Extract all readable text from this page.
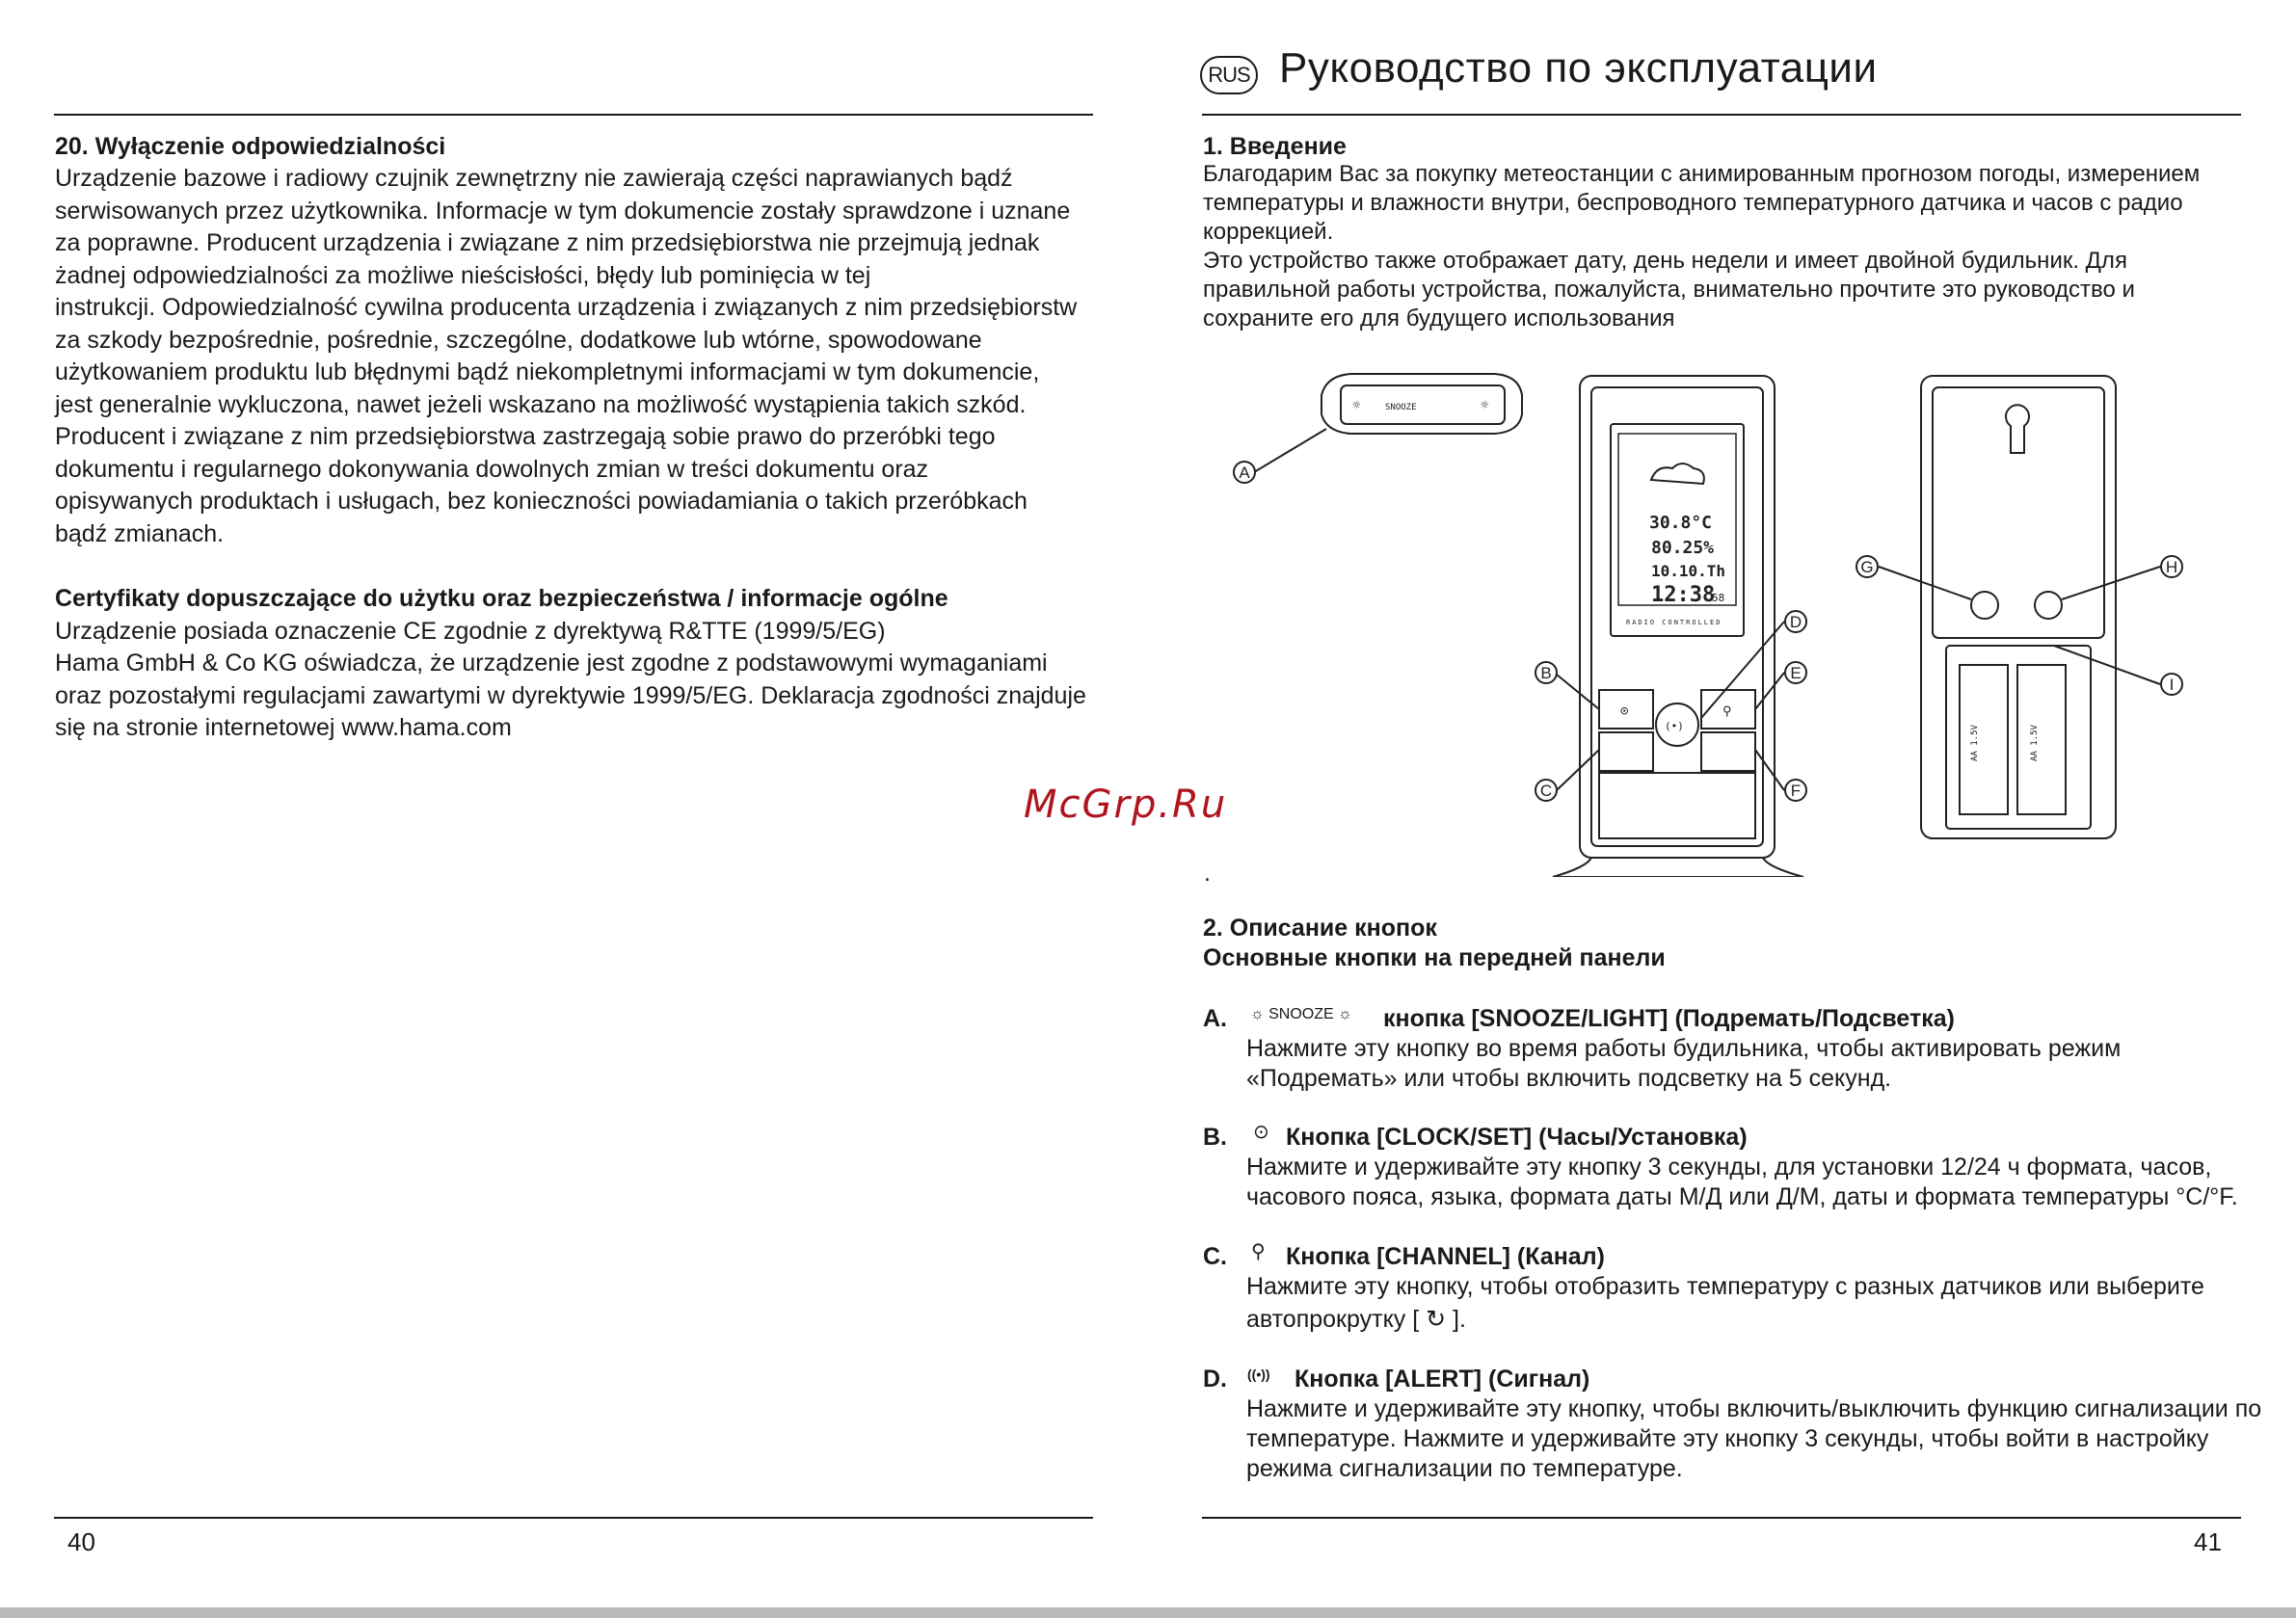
20. Wyłączenie odpowiedzialności
Urządzenie bazowe i radiowy czujnik zewnętrzny nie zawierają części naprawianych bądź
serwisowanych przez użytkownika. Informacje w tym dokumencie zostały sprawdzone i uznane
za poprawne. Producent urządzenia i związane z nim przedsiębiorstwa nie przejmują jednak
żadnej odpowiedzialności za możliwe nieścisłości, błędy lub pominięcia w tej
instrukcji. Odpowiedzialność cywilna producenta urządzenia i związanych z nim przedsiębiorstw
za szkody bezpośrednie, pośrednie, szczególne, dodatkowe lub wtórne, spowodowane
użytkowaniem produktu lub błędnymi bądź niekompletnymi informacjami w tym dokumencie,
jest generalnie wykluczona, nawet jeżeli wskazano na możliwość wystąpienia takich szkód.
Producent i związane z nim przedsiębiorstwa zastrzegają sobie prawo do przeróbki tego
dokumentu i regularnego dokonywania dowolnych zmian w treści dokumentu oraz
opisywanych produktach i usługach, bez konieczności powiadamiania o takich przeróbkach
bądź zmianach.
Certyfikaty dopuszczające do użytku oraz bezpieczeństwa / informacje ogólne
Urządzenie posiada oznaczenie CE zgodnie z dyrektywą R&TTE (1999/5/EG)
Hama GmbH & Co KG oświadcza, że urządzenie jest zgodne z podstawowymi wymaganiami
oraz pozostałymi regulacjami zawartymi w dyrektywie 1999/5/EG. Deklaracja zgodności znajduje
się na stronie internetowej www.hama.com
40
RUS Руководство по эксплуатации
1. Введение
Благодарим Вас за покупку метеостанции с анимированным прогнозом погоды, измерением
температуры и влажности внутри, беспроводного температурного датчика и часов с радио
коррекцией.
Это устройство также отображает дату, день недели и имеет двойной будильник. Для
правильной работы устройства, пожалуйста, внимательно прочтите это руководство и
сохраните его для будущего использования
A
B
C
D
E
F
G	H
I
SNOOZE
☼	☼
30.8°C
80.25%
10.10.Th
12:38
58
RADIO CONTROLLED
⊙
(•)
⚲
AA 1.5V	AA 1.5V
McGrp.Ru
.
2. Описание кнопок
Основные кнопки на передней панели
A. ☼ SNOOZE ☼ кнопка [SNOOZE/LIGHT] (Подремать/Подсветка)
Нажмите эту кнопку во время работы будильника, чтобы активировать режим
«Подремать» или чтобы включить подсветку на 5 секунд.
B. ⊙ Кнопка [CLOCK/SET] (Часы/Установка)
Нажмите и удерживайте эту кнопку 3 секунды, для установки 12/24 ч формата, часов,
часового пояса, языка, формата даты М/Д или Д/М, даты и формата температуры °C/°F.
C. ⚲ Кнопка [CHANNEL] (Канал)
Нажмите эту кнопку, чтобы отобразить температуру с разных датчиков или выберите
автопрокрутку [ ↻ ].
D. ((•)) Кнопка [ALERT] (Сигнал)
Нажмите и удерживайте эту кнопку, чтобы включить/выключить функцию сигнализации по
температуре. Нажмите и удерживайте эту кнопку 3 секунды, чтобы войти в настройку
режима сигнализации по температуре.
41
